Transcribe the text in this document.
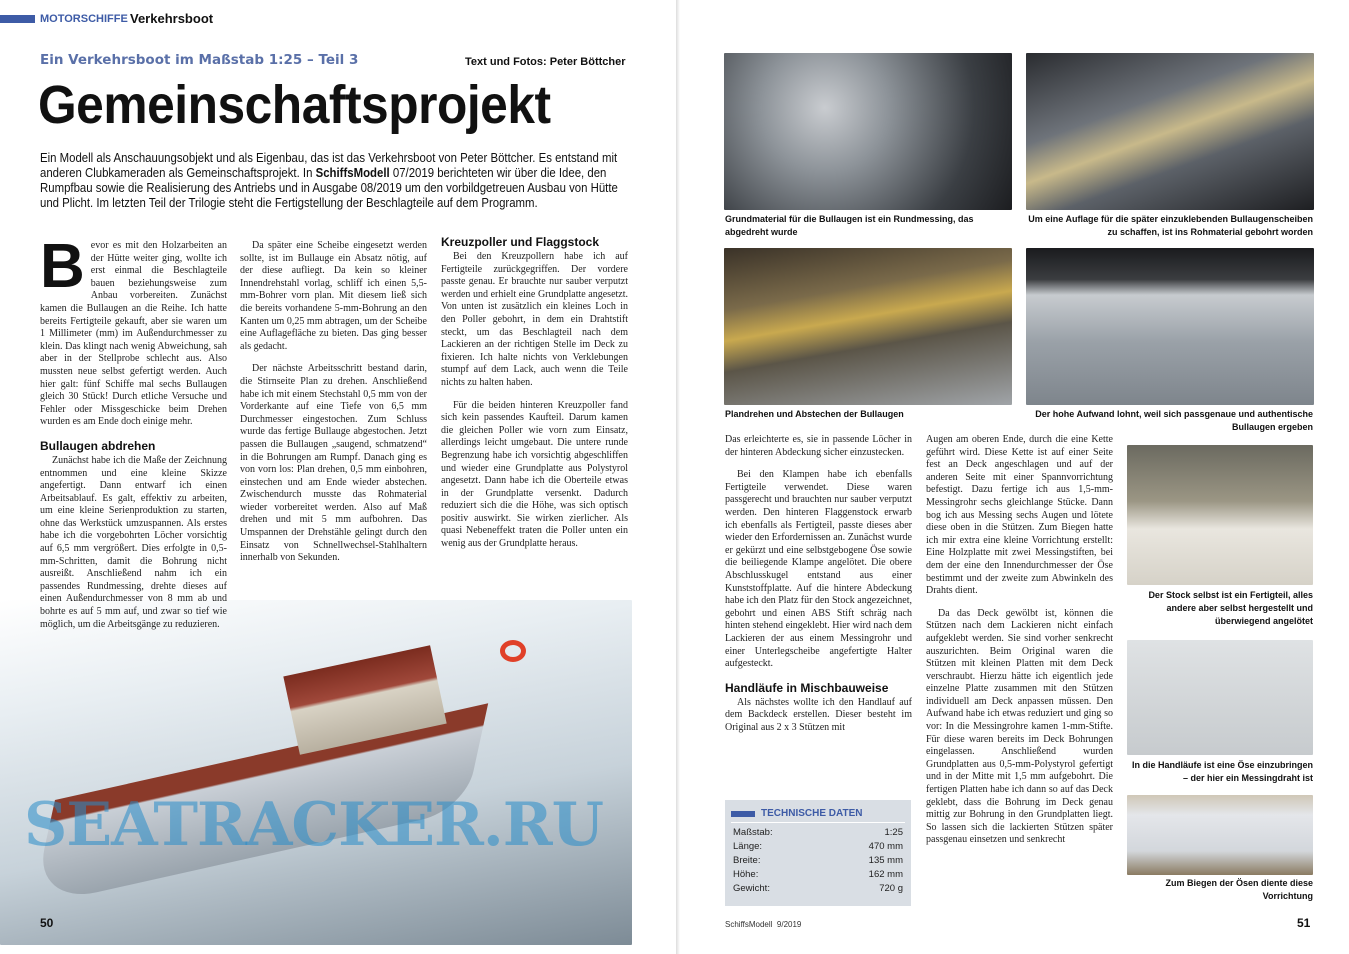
MOTORSCHIFFE Verkehrsboot
Ein Verkehrsboot im Maßstab 1:25 – Teil 3	Text und Fotos: Peter Böttcher
Gemeinschaftsprojekt
Ein Modell als Anschauungsobjekt und als Eigenbau, das ist das Verkehrsboot von Peter Böttcher. Es entstand mit anderen Clubkameraden als Gemeinschaftsprojekt. In SchiffsModell 07/2019 berichteten wir über die Idee, den Rumpfbau sowie die Realisierung des Antriebs und in Ausgabe 08/2019 um den vorbildgetreuen Ausbau von Hütte und Plicht. Im letzten Teil der Trilogie steht die Fertigstellung der Beschlagteile auf dem Programm.

Bevor es mit den Holzarbeiten an der Hütte weiter ging, wollte ich erst einmal die Beschlagteile bauen beziehungsweise zum Anbau vorbereiten. Zunächst kamen die Bullaugen an die Reihe. Ich hatte bereits Fertigteile gekauft, aber sie waren um 1 Millimeter (mm) im Außendurchmesser zu klein. Das klingt nach wenig Abweichung, sah aber in der Stellprobe schlecht aus. Also mussten neue selbst gefertigt werden. Auch hier galt: fünf Schiffe mal sechs Bullaugen gleich 30 Stück! Durch etliche Versuche und Fehler oder Missgeschicke beim Drehen wurden es am Ende doch einige mehr.

Bullaugen abdrehen

Zunächst habe ich die Maße der Zeichnung entnommen und eine kleine Skizze angefertigt. Dann entwarf ich einen Arbeitsablauf. Es galt, effektiv zu arbeiten, um eine kleine Serienproduktion zu starten, ohne das Werkstück umzuspannen. Als erstes habe ich die vorgebohrten Löcher vorsichtig auf 6,5 mm vergrößert. Dies erfolgte in 0,5-mm-Schritten, damit die Bohrung nicht ausreißt. Anschließend nahm ich ein passendes Rundmessing, drehte dieses auf einen Außendurchmesser von 8 mm ab und bohrte es auf 5 mm auf, und zwar so tief wie möglich, um die Arbeitsgänge zu reduzieren.

Da später eine Scheibe eingesetzt werden sollte, ist im Bullauge ein Absatz nötig, auf der diese aufliegt. Da kein so kleiner Innendrehstahl vorlag, schliff ich einen 5,5-mm-Bohrer vorn plan. Mit diesem ließ sich die bereits vorhandene 5-mm-Bohrung an den Kanten um 0,25 mm abtragen, um der Scheibe eine Auflagefläche zu bieten. Das ging besser als gedacht.

Der nächste Arbeitsschritt bestand darin, die Stirnseite Plan zu drehen. Anschließend habe ich mit einem Stechstahl 0,5 mm von der Vorderkante auf eine Tiefe von 6,5 mm Durchmesser eingestochen. Zum Schluss wurde das fertige Bullauge abgestochen. Jetzt passen die Bullaugen „saugend, schmatzend“ in die Bohrungen am Rumpf. Danach ging es von vorn los: Plan drehen, 0,5 mm einbohren, einstechen und am Ende wieder abstechen. Zwischendurch musste das Rohmaterial wieder vorbereitet werden. Also auf Maß drehen und mit 5 mm aufbohren. Das Umspannen der Drehstähle gelingt durch den Einsatz von Schnellwechsel-Stahlhaltern innerhalb von Sekunden.

Kreuzpoller und Flaggstock

Bei den Kreuzpollern habe ich auf Fertigteile zurückgegriffen. Der vordere passte genau. Er brauchte nur sauber verputzt werden und erhielt eine Grundplatte angesetzt. Von unten ist zusätzlich ein kleines Loch in den Poller gebohrt, in dem ein Drahtstift steckt, um das Beschlagteil nach dem Lackieren an der richtigen Stelle im Deck zu fixieren. Ich halte nichts von Verklebungen stumpf auf dem Lack, auch wenn die Teile nichts zu halten haben.

Für die beiden hinteren Kreuzpoller fand sich kein passendes Kaufteil. Darum kamen die gleichen Poller wie vorn zum Einsatz, allerdings leicht umgebaut. Die untere runde Begrenzung habe ich vorsichtig abgeschliffen und wieder eine Grundplatte aus Polystyrol angesetzt. Dann habe ich die Oberteile etwas in der Grundplatte versenkt. Dadurch reduziert sich die die Höhe, was sich optisch positiv auswirkt. Sie wirken zierlicher. Als quasi Nebeneffekt traten die Poller unten ein wenig aus der Grundplatte heraus.

50
Grundmaterial für die Bullaugen ist ein Rundmessing, das abgedreht wurde
Um eine Auflage für die später einzuklebenden Bullaugenscheiben zu schaffen, ist ins Rohmaterial gebohrt worden
Plandrehen und Abstechen der Bullaugen	Der hohe Aufwand lohnt, weil sich passgenaue und authentische Bullaugen ergeben
TECHNISCHE DATEN
Maßstab:	1:25
Länge:	470 mm
Breite:	135 mm
Höhe:	162 mm
Gewicht:	720 g

Das erleichterte es, sie in passende Löcher in der hinteren Abdeckung sicher einzustecken.

Bei den Klampen habe ich ebenfalls Fertigteile verwendet. Diese waren passgerecht und brauchten nur sauber verputzt werden. Den hinteren Flaggenstock erwarb ich ebenfalls als Fertigteil, passte dieses aber wieder den Erfordernissen an. Zunächst wurde er gekürzt und eine selbstgebogene Öse sowie die beiliegende Klampe angelötet. Die obere Abschlusskugel entstand aus einer Kunststoffplatte. Auf die hintere Abdeckung habe ich den Platz für den Stock angezeichnet, gebohrt und einen ABS Stift schräg nach hinten stehend eingeklebt. Hier wird nach dem Lackieren der aus einem Messingrohr und einer Unterlegscheibe angefertigte Halter aufgesteckt.

Handläufe in Mischbauweise

Als nächstes wollte ich den Handlauf auf dem Backdeck erstellen. Dieser besteht im Original aus 2 x 3 Stützen mit

Augen am oberen Ende, durch die eine Kette geführt wird. Diese Kette ist auf einer Seite fest an Deck angeschlagen und auf der anderen Seite mit einer Spannvorrichtung befestigt. Dazu fertige ich aus 1,5-mm-Messingrohr sechs gleichlange Stücke. Dann bog ich aus Messing sechs Augen und lötete diese oben in die Stützen. Zum Biegen hatte ich mir extra eine kleine Vorrichtung erstellt: Eine Holzplatte mit zwei Messingstiften, bei dem der eine den Innendurchmesser der Öse bestimmt und der zweite zum Abwinkeln des Drahts dient.

Da das Deck gewölbt ist, können die Stützen nach dem Lackieren nicht einfach aufgeklebt werden. Sie sind vorher senkrecht auszurichten. Beim Original waren die Stützen mit kleinen Platten mit dem Deck verschraubt. Hierzu hätte ich eigentlich jede einzelne Platte zusammen mit den Stützen individuell am Deck anpassen müssen. Den Aufwand habe ich etwas reduziert und ging so vor: In die Messingrohre kamen 1-mm-Stifte. Für diese waren bereits im Deck Bohrungen eingelassen. Anschließend wurden Grundplatten aus 0,5-mm-Polystyrol gefertigt und in der Mitte mit 1,5 mm aufgebohrt. Die fertigen Platten habe ich dann so auf das Deck geklebt, dass die Bohrung im Deck genau mittig zur Bohrung in den Grundplatten liegt. So lassen sich die lackierten Stützen später passgenau einsetzen und senkrecht

Der Stock selbst ist ein Fertigteil, alles andere aber selbst hergestellt und überwiegend angelötet
In die Handläufe ist eine Öse einzubringen – der hier ein Messingdraht ist
Zum Biegen der Ösen diente diese Vorrichtung
SchiffsModell 9/2019	51
SEATRACKER.RU
